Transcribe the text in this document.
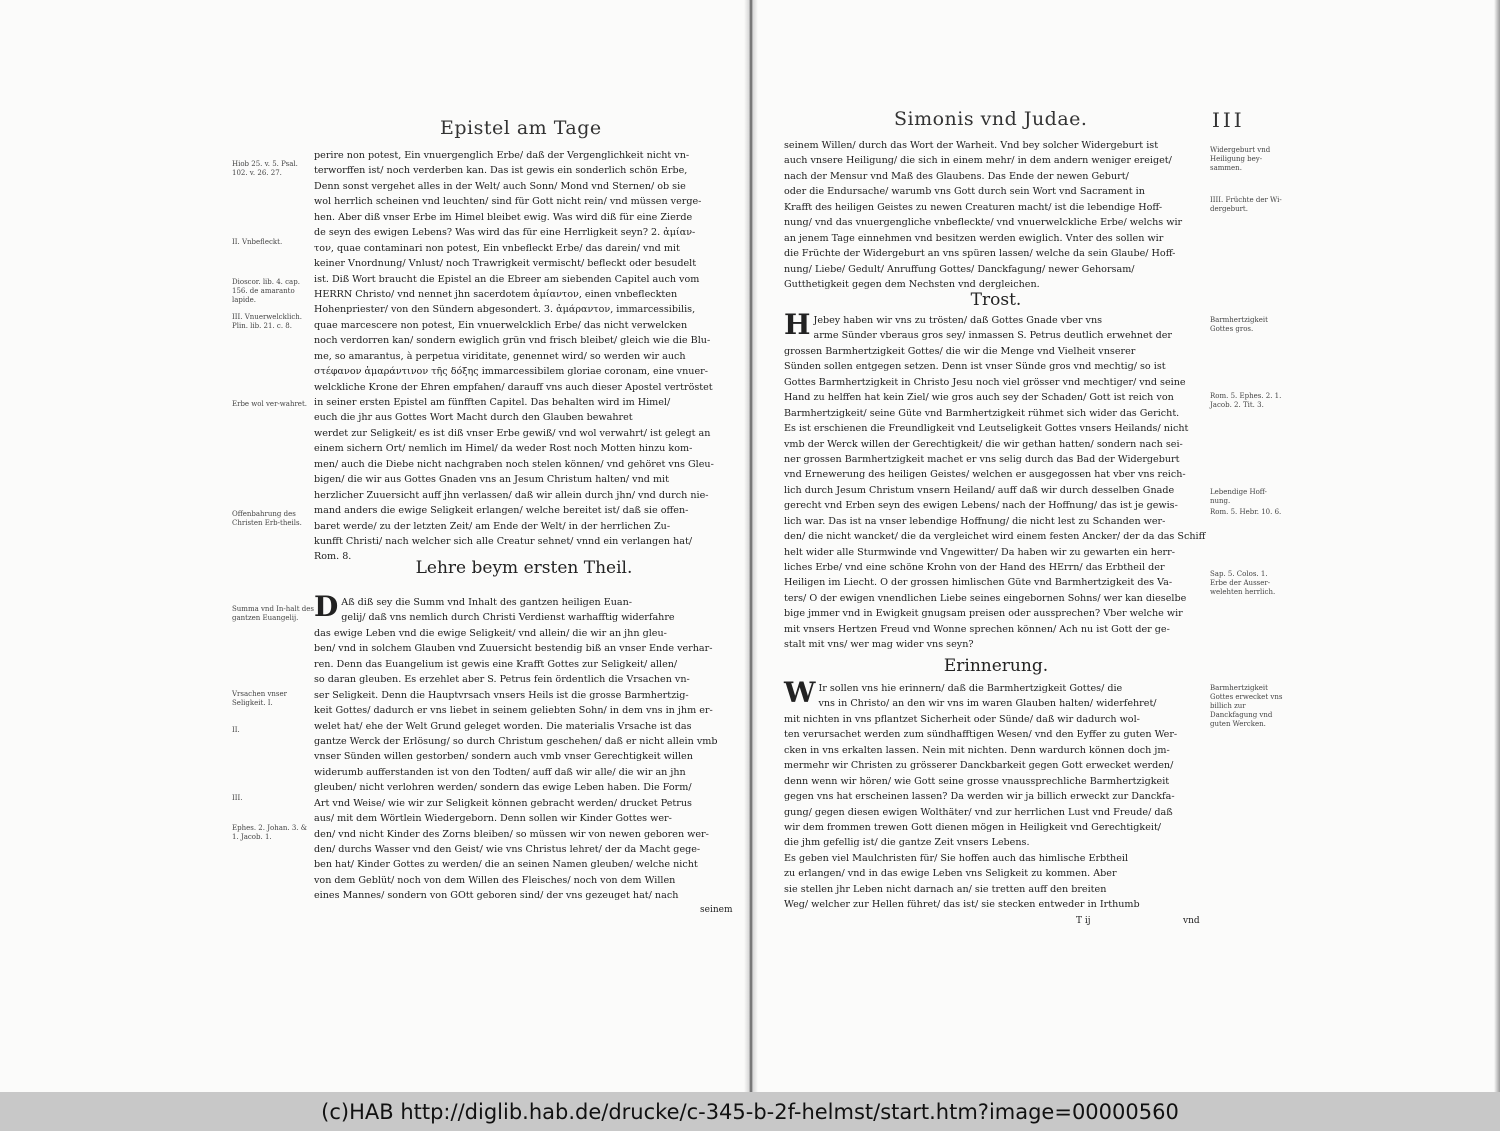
Epistel am Tage
Hiob 25. v. 5. Psal. 102. v. 26. 27.
II. Vnbefleckt.
Dioscor. lib. 4. cap. 156. de amaranto lapide.
III. Vnuerwelcklich. Plin. lib. 21. c. 8.
Erbe wol ver-wahret.
Offenbahrung des Christen Erb-theils.
Summa vnd In-halt des gantzen Euangelij.
Vrsachen vnser Seligkeit. I.
II.
III.
Ephes. 2. Johan. 3. & 1. Jacob. 1.
perire non potest, Ein vnuergenglich Erbe/ daß der Vergenglichkeit nicht vn-
terworffen ist/ noch verderben kan. Das ist gewis ein sonderlich schön Erbe,
Denn sonst vergehet alles in der Welt/ auch Sonn/ Mond vnd Sternen/ ob sie
wol herrlich scheinen vnd leuchten/ sind für Gott nicht rein/ vnd müssen verge-
hen. Aber diß vnser Erbe im Himel bleibet ewig. Was wird diß für eine Zierde
de seyn des ewigen Lebens? Was wird das für eine Herrligkeit seyn? 2. ἀμίαν-
τον, quae contaminari non potest, Ein vnbefleckt Erbe/ das darein/ vnd mit
keiner Vnordnung/ Vnlust/ noch Trawrigkeit vermischt/ befleckt oder besudelt
ist. Diß Wort braucht die Epistel an die Ebreer am siebenden Capitel auch vom
HERRN Christo/ vnd nennet jhn sacerdotem ἀμίαντον, einen vnbefleckten
Hohenpriester/ von den Sündern abgesondert. 3. ἀμάραντον, immarcessibilis,
quae marcescere non potest, Ein vnuerwelcklich Erbe/ das nicht verwelcken
noch verdorren kan/ sondern ewiglich grün vnd frisch bleibet/ gleich wie die Blu-
me, so amarantus, à perpetua viriditate, genennet wird/ so werden wir auch
στέφανον ἀμαράντινον τῆς δόξης immarcessibilem gloriae coronam, eine vnuer-
welckliche Krone der Ehren empfahen/ darauff vns auch dieser Apostel vertröstet
in seiner ersten Epistel am fünfften Capitel. Das behalten wird im Himel/
euch die jhr aus Gottes Wort Macht durch den Glauben bewahret
werdet zur Seligkeit/ es ist diß vnser Erbe gewiß/ vnd wol verwahrt/ ist gelegt an
einem sichern Ort/ nemlich im Himel/ da weder Rost noch Motten hinzu kom-
men/ auch die Diebe nicht nachgraben noch stelen können/ vnd gehöret vns Gleu-
bigen/ die wir aus Gottes Gnaden vns an Jesum Christum halten/ vnd mit
herzlicher Zuuersicht auff jhn verlassen/ daß wir allein durch jhn/ vnd durch nie-
mand anders die ewige Seligkeit erlangen/ welche bereitet ist/ daß sie offen-
baret werde/ zu der letzten Zeit/ am Ende der Welt/ in der herrlichen Zu-
kunfft Christi/ nach welcher sich alle Creatur sehnet/ vnnd ein verlangen hat/
Rom. 8.
Lehre beym ersten Theil.
D Aß diß sey die Summ vnd Inhalt des gantzen heiligen Euan-
gelij/ daß vns nemlich durch Christi Verdienst warhafftig widerfahre
das ewige Leben vnd die ewige Seligkeit/ vnd allein/ die wir an jhn gleu-
ben/ vnd in solchem Glauben vnd Zuuersicht bestendig biß an vnser Ende verhar-
ren. Denn das Euangelium ist gewis eine Krafft Gottes zur Seligkeit/ allen/
so daran gleuben. Es erzehlet aber S. Petrus fein ördentlich die Vrsachen vn-
ser Seligkeit. Denn die Hauptvrsach vnsers Heils ist die grosse Barmhertzig-
keit Gottes/ dadurch er vns liebet in seinem geliebten Sohn/ in dem vns in jhm er-
welet hat/ ehe der Welt Grund geleget worden. Die materialis Vrsache ist das
gantze Werck der Erlösung/ so durch Christum geschehen/ daß er nicht allein vmb
vnser Sünden willen gestorben/ sondern auch vmb vnser Gerechtigkeit willen
widerumb aufferstanden ist von den Todten/ auff daß wir alle/ die wir an jhn
gleuben/ nicht verlohren werden/ sondern das ewige Leben haben. Die Form/
Art vnd Weise/ wie wir zur Seligkeit können gebracht werden/ drucket Petrus
aus/ mit dem Wörtlein Wiedergeborn. Denn sollen wir Kinder Gottes wer-
den/ vnd nicht Kinder des Zorns bleiben/ so müssen wir von newen geboren wer-
den/ durchs Wasser vnd den Geist/ wie vns Christus lehret/ der da Macht gege-
ben hat/ Kinder Gottes zu werden/ die an seinen Namen gleuben/ welche nicht
von dem Geblüt/ noch von dem Willen des Fleisches/ noch von dem Willen
eines Mannes/ sondern von GOtt geboren sind/ der vns gezeuget hat/ nach
seinem
Simonis vnd Judae.	III
seinem Willen/ durch das Wort der Warheit. Vnd bey solcher Widergeburt ist
auch vnsere Heiligung/ die sich in einem mehr/ in dem andern weniger ereiget/
nach der Mensur vnd Maß des Glaubens. Das Ende der newen Geburt/
oder die Endursache/ warumb vns Gott durch sein Wort vnd Sacrament in
Krafft des heiligen Geistes zu newen Creaturen macht/ ist die lebendige Hoff-
nung/ vnd das vnuergengliche vnbefleckte/ vnd vnuerwelckliche Erbe/ welchs wir
an jenem Tage einnehmen vnd besitzen werden ewiglich. Vnter des sollen wir
die Früchte der Widergeburt an vns spüren lassen/ welche da sein Glaube/ Hoff-
nung/ Liebe/ Gedult/ Anruffung Gottes/ Danckfagung/ newer Gehorsam/
Gutthetigkeit gegen dem Nechsten vnd dergleichen.
Trost.
H Jebey haben wir vns zu trösten/ daß Gottes Gnade vber vns
arme Sünder vberaus gros sey/ inmassen S. Petrus deutlich erwehnet der
grossen Barmhertzigkeit Gottes/ die wir die Menge vnd Vielheit vnserer
Sünden sollen entgegen setzen. Denn ist vnser Sünde gros vnd mechtig/ so ist
Gottes Barmhertzigkeit in Christo Jesu noch viel grösser vnd mechtiger/ vnd seine
Hand zu helffen hat kein Ziel/ wie gros auch sey der Schaden/ Gott ist reich von
Barmhertzigkeit/ seine Güte vnd Barmhertzigkeit rühmet sich wider das Gericht.
Es ist erschienen die Freundligkeit vnd Leutseligkeit Gottes vnsers Heilands/ nicht
vmb der Werck willen der Gerechtigkeit/ die wir gethan hatten/ sondern nach sei-
ner grossen Barmhertzigkeit machet er vns selig durch das Bad der Widergeburt
vnd Ernewerung des heiligen Geistes/ welchen er ausgegossen hat vber vns reich-
lich durch Jesum Christum vnsern Heiland/ auff daß wir durch desselben Gnade
gerecht vnd Erben seyn des ewigen Lebens/ nach der Hoffnung/ das ist je gewis-
lich war. Das ist na vnser lebendige Hoffnung/ die nicht lest zu Schanden wer-
den/ die nicht wancket/ die da vergleichet wird einem festen Ancker/ der da das Schiff
helt wider alle Sturmwinde vnd Vngewitter/ Da haben wir zu gewarten ein herr-
liches Erbe/ vnd eine schöne Krohn von der Hand des HErrn/ das Erbtheil der
Heiligen im Liecht. O der grossen himlischen Güte vnd Barmhertzigkeit des Va-
ters/ O der ewigen vnendlichen Liebe seines eingebornen Sohns/ wer kan dieselbe
bige jmmer vnd in Ewigkeit gnugsam preisen oder aussprechen? Vber welche wir
mit vnsers Hertzen Freud vnd Wonne sprechen können/ Ach nu ist Gott der ge-
stalt mit vns/ wer mag wider vns seyn?
Erinnerung.
W Ir sollen vns hie erinnern/ daß die Barmhertzigkeit Gottes/ die
vns in Christo/ an den wir vns im waren Glauben halten/ widerfehret/
mit nichten in vns pflantzet Sicherheit oder Sünde/ daß wir dadurch wol-
ten verursachet werden zum sündhafftigen Wesen/ vnd den Eyffer zu guten Wer-
cken in vns erkalten lassen. Nein mit nichten. Denn wardurch können doch jm-
mermehr wir Christen zu grösserer Danckbarkeit gegen Gott erwecket werden/
denn wenn wir hören/ wie Gott seine grosse vnaussprechliche Barmhertzigkeit
gegen vns hat erscheinen lassen? Da werden wir ja billich erweckt zur Danckfa-
gung/ gegen diesen ewigen Wolthäter/ vnd zur herrlichen Lust vnd Freude/ daß
wir dem frommen trewen Gott dienen mögen in Heiligkeit vnd Gerechtigkeit/
die jhm gefellig ist/ die gantze Zeit vnsers Lebens.
Es geben viel Maulchristen für/ Sie hoffen auch das himlische Erbtheil
zu erlangen/ vnd in das ewige Leben vns Seligkeit zu kommen. Aber
sie stellen jhr Leben nicht darnach an/ sie tretten auff den breiten
Weg/ welcher zur Hellen führet/ das ist/ sie stecken entweder in Irthumb
T ij	vnd
Widergeburt vnd Heiligung bey-sammen.
IIII. Früchte der Wi-dergeburt.
Barmhertzigkeit Gottes gros.
Rom. 5. Ephes. 2. 1. Jacob. 2. Tit. 3.
Lebendige Hoff-nung.
Rom. 5. Hebr. 10. 6.
Sap. 5. Colos. 1. Erbe der Ausser-welehten herrlich.
Barmhertzigkeit Gottes erwecket vns billich zur Danckfagung vnd guten Wercken.
(c)HAB http://diglib.hab.de/drucke/c-345-b-2f-helmst/start.htm?image=00000560
